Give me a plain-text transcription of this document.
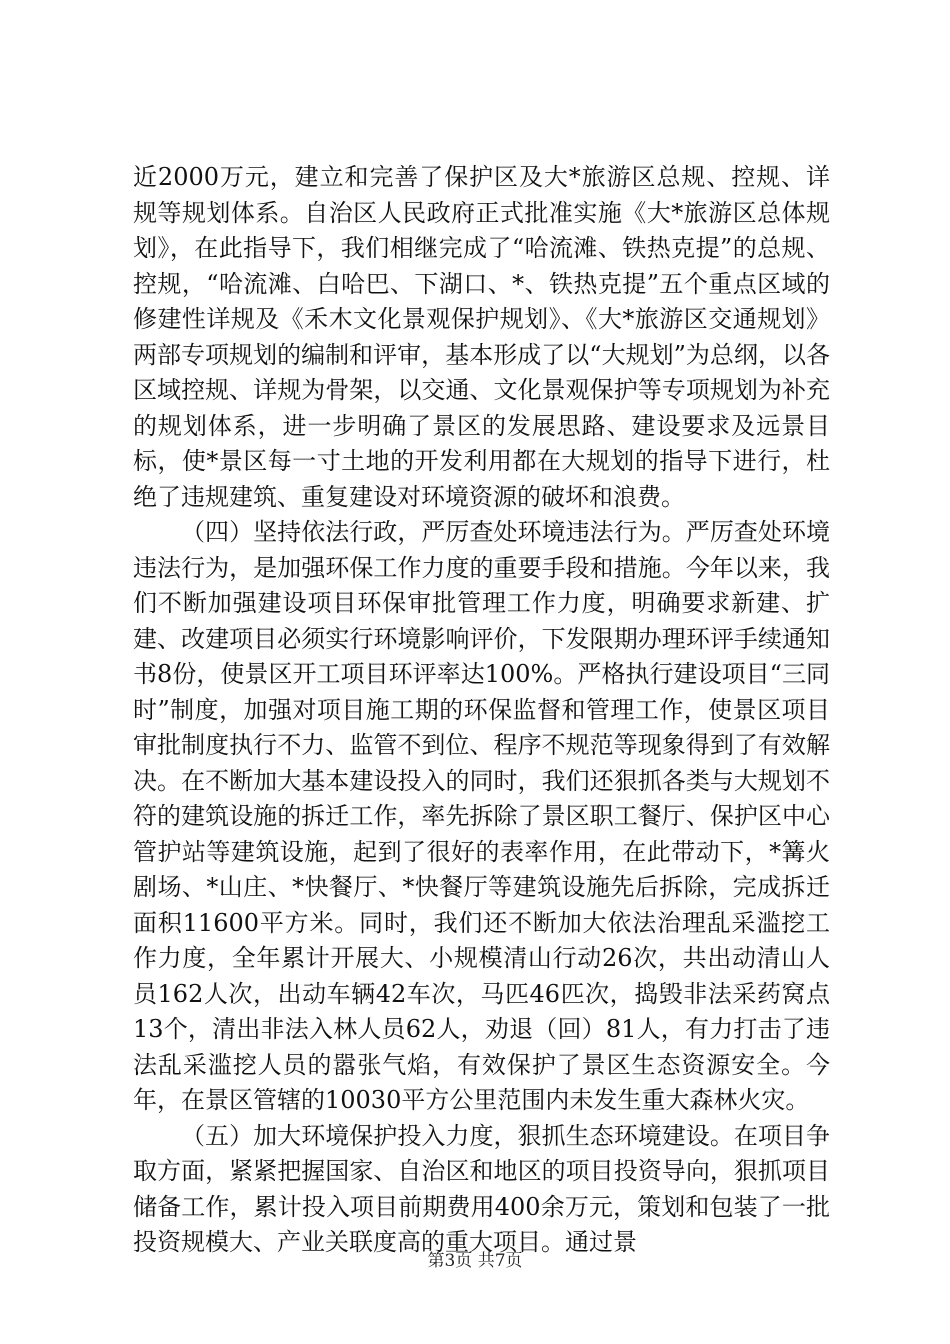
近2000万元，建立和完善了保护区及大*旅游区总规、控规、详规等规划体系。自治区人民政府正式批准实施《大*旅游区总体规划》，在此指导下，我们相继完成了“哈流滩、铁热克提”的总规、控规，“哈流滩、白哈巴、下湖口、*、铁热克提”五个重点区域的修建性详规及《禾木文化景观保护规划》、《大*旅游区交通规划》两部专项规划的编制和评审，基本形成了以“大规划”为总纲，以各区域控规、详规为骨架，以交通、文化景观保护等专项规划为补充的规划体系，进一步明确了景区的发展思路、建设要求及远景目标，使*景区每一寸土地的开发利用都在大规划的指导下进行，杜绝了违规建筑、重复建设对环境资源的破坏和浪费。

（四）坚持依法行政，严厉查处环境违法行为。严厉查处环境违法行为，是加强环保工作力度的重要手段和措施。今年以来，我们不断加强建设项目环保审批管理工作力度，明确要求新建、扩建、改建项目必须实行环境影响评价，下发限期办理环评手续通知书8份，使景区开工项目环评率达100%。严格执行建设项目“三同时”制度，加强对项目施工期的环保监督和管理工作，使景区项目审批制度执行不力、监管不到位、程序不规范等现象得到了有效解决。在不断加大基本建设投入的同时，我们还狠抓各类与大规划不符的建筑设施的拆迁工作，率先拆除了景区职工餐厅、保护区中心管护站等建筑设施，起到了很好的表率作用，在此带动下，*篝火剧场、*山庄、*快餐厅、*快餐厅等建筑设施先后拆除，完成拆迁面积11600平方米。同时，我们还不断加大依法治理乱采滥挖工作力度，全年累计开展大、小规模清山行动26次，共出动清山人员162人次，出动车辆42车次，马匹46匹次，捣毁非法采药窝点13个，清出非法入林人员62人，劝退（回）81人，有力打击了违法乱采滥挖人员的嚣张气焰，有效保护了景区生态资源安全。今年，在景区管辖的10030平方公里范围内未发生重大森林火灾。

（五）加大环境保护投入力度，狠抓生态环境建设。在项目争取方面，紧紧把握国家、自治区和地区的项目投资导向，狠抓项目储备工作，累计投入项目前期费用400余万元，策划和包装了一批投资规模大、产业关联度高的重大项目。通过景

第3页 共7页
